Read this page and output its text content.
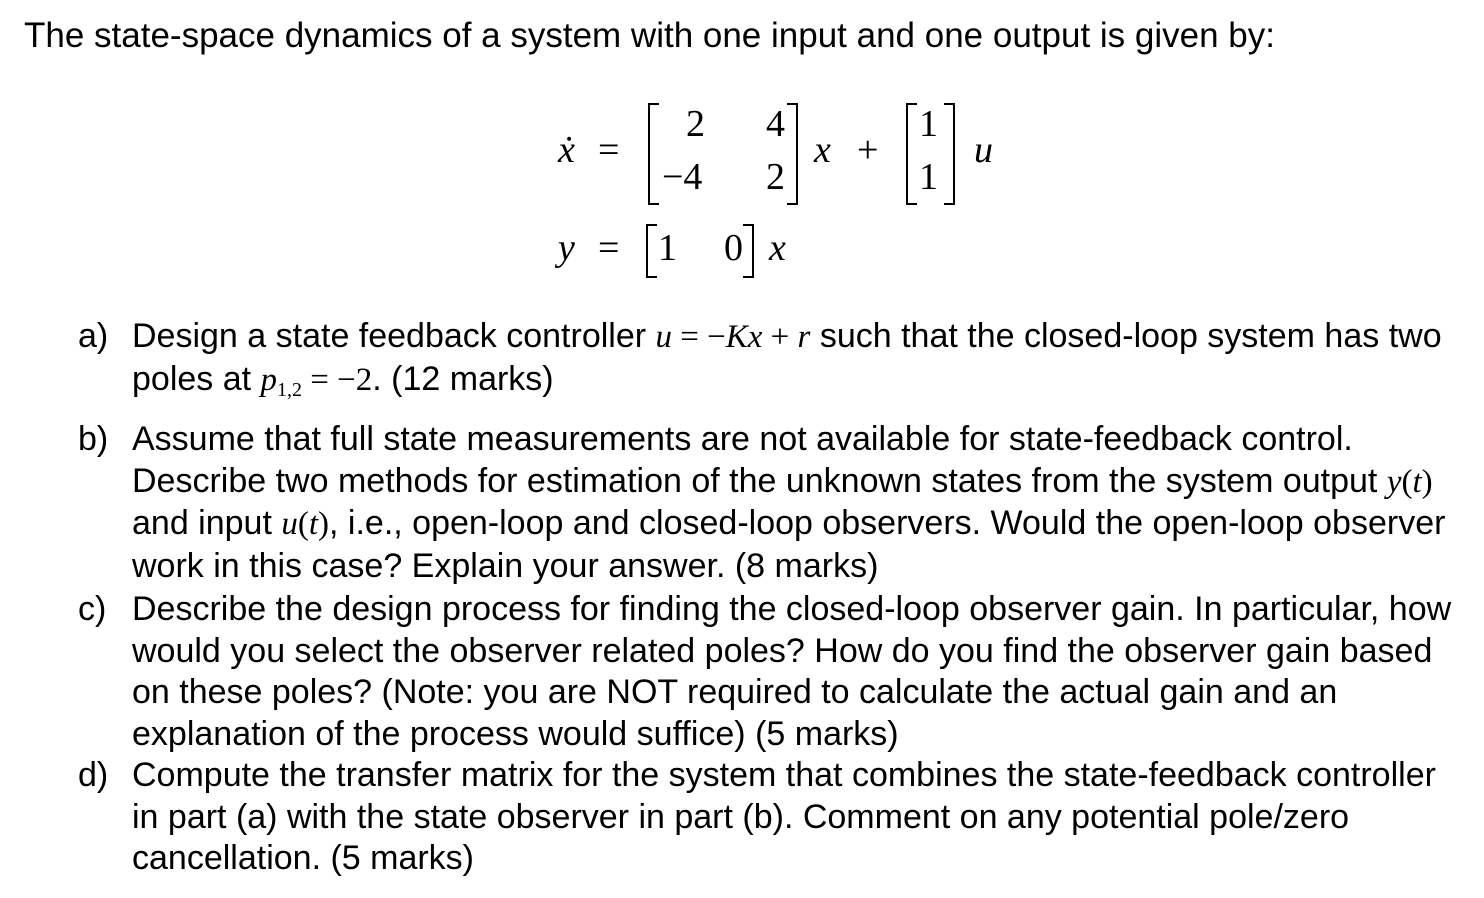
The state-space dynamics of a system with one input and one output is given by:
ẋ =
2 4
−4 2
x +
1
1
u
y = 1 0 x
a) Design a state feedback controller u = −Kx + r such that the closed-loop system has two poles at $p_{1,2} = -2$. (12 marks)
b) Assume that full state measurements are not available for state-feedback control. Describe two methods for estimation of the unknown states from the system output y(t) and input u(t), i.e., open-loop and closed-loop observers. Would the open-loop observer work in this case? Explain your answer. (8 marks)
c) Describe the design process for finding the closed-loop observer gain. In particular, how would you select the observer related poles? How do you find the observer gain based on these poles? (Note: you are NOT required to calculate the actual gain and an explanation of the process would suffice) (5 marks)
d) Compute the transfer matrix for the system that combines the state-feedback controller in part (a) with the state observer in part (b). Comment on any potential pole/zero cancellation. (5 marks)
